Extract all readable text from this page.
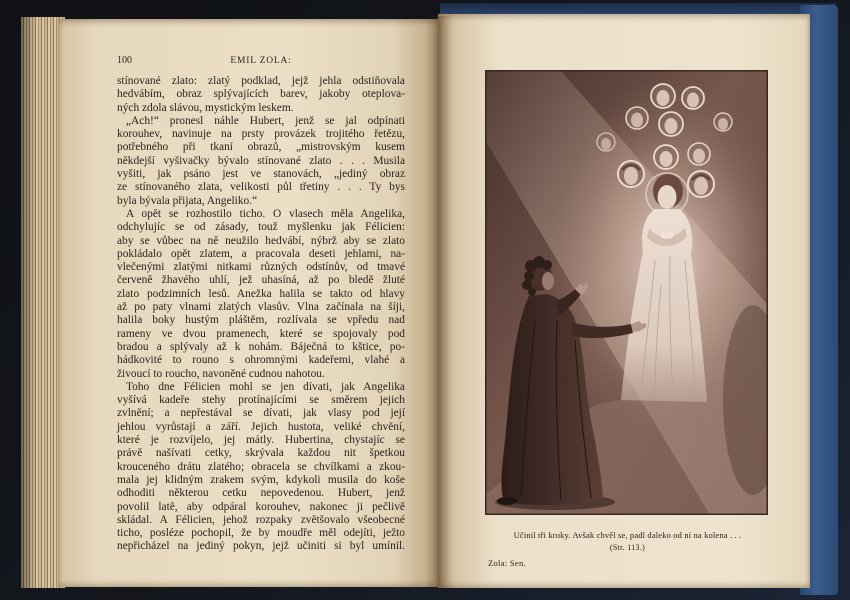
100	EMIL ZOLA:
stínované zlato: zlatý podklad, jejž jehla odstiňovala
hedvábím, obraz splývajících barev, jakoby oteplova-
ných zdola slávou, mystickým leskem.
„Ach!“ pronesl náhle Hubert, jenž se jal odpínati
korouhev, navinuje na prsty provázek trojitého řetězu,
potřebného při tkaní obrazů, „mistrovským kusem
někdejší vyšivačky bývalo stínované zlato . . . Musila
vyšiti, jak psáno jest ve stanovách, „jediný obraz
ze stínovaného zlata, velikosti půl třetiny . . . Ty bys
byla bývala přijata, Angeliko.“
A opět se rozhostilo ticho. O vlasech měla Angelika,
odchylujíc se od zásady, touž myšlenku jak Félicien:
aby se vůbec na ně neužilo hedvábí, nýbrž aby se zlato
pokládalo opět zlatem, a pracovala deseti jehlami, na-
vlečenými zlatými nitkami různých odstínův, od tmavé
červeně žhavého uhlí, jež uhasíná, až po bledě žluté
zlato podzimních lesů. Anežka halila se takto od hlavy
až po paty vlnami zlatých vlasův. Vlna začínala na šíji,
halila boky hustým pláštěm, rozlívala se vpředu nad
rameny ve dvou pramenech, které se spojovaly pod
bradou a splývaly až k nohám. Báječná to kštice, po-
hádkovité to rouno s ohromnými kadeřemi, vlahé a
živoucí to roucho, navoněné cudnou nahotou.
Toho dne Félicien mohl se jen dívati, jak Angelika
vyšívá kadeře stehy protínajícími se směrem jejich
zvlnění; a nepřestával se dívati, jak vlasy pod její
jehlou vyrůstají a září. Jejich hustota, veliké chvění,
které je rozvíjelo, jej mátly. Hubertina, chystajíc se
právě našívati cetky, skrývala každou nit špetkou
krouceného drátu zlatého; obracela se chvílkami a zkou-
mala jej klidným zrakem svým, kdykoli musila do koše
odhoditi některou cetku nepovedenou. Hubert, jenž
povolil latě, aby odpáral korouhev, nakonec ji pečlivě
skládal. A Félicien, jehož rozpaky zvětšovalo všeobecné
ticho, posléze pochopil, že by moudře měl odejíti, ježto
nepřicházel na jediný pokyn, jejž učiniti si byl umínil.
Učinil tři kroky. Avšak chvěl se, padl daleko od ní na kolena . . .
(Str. 113.)
Zola: Sen.
